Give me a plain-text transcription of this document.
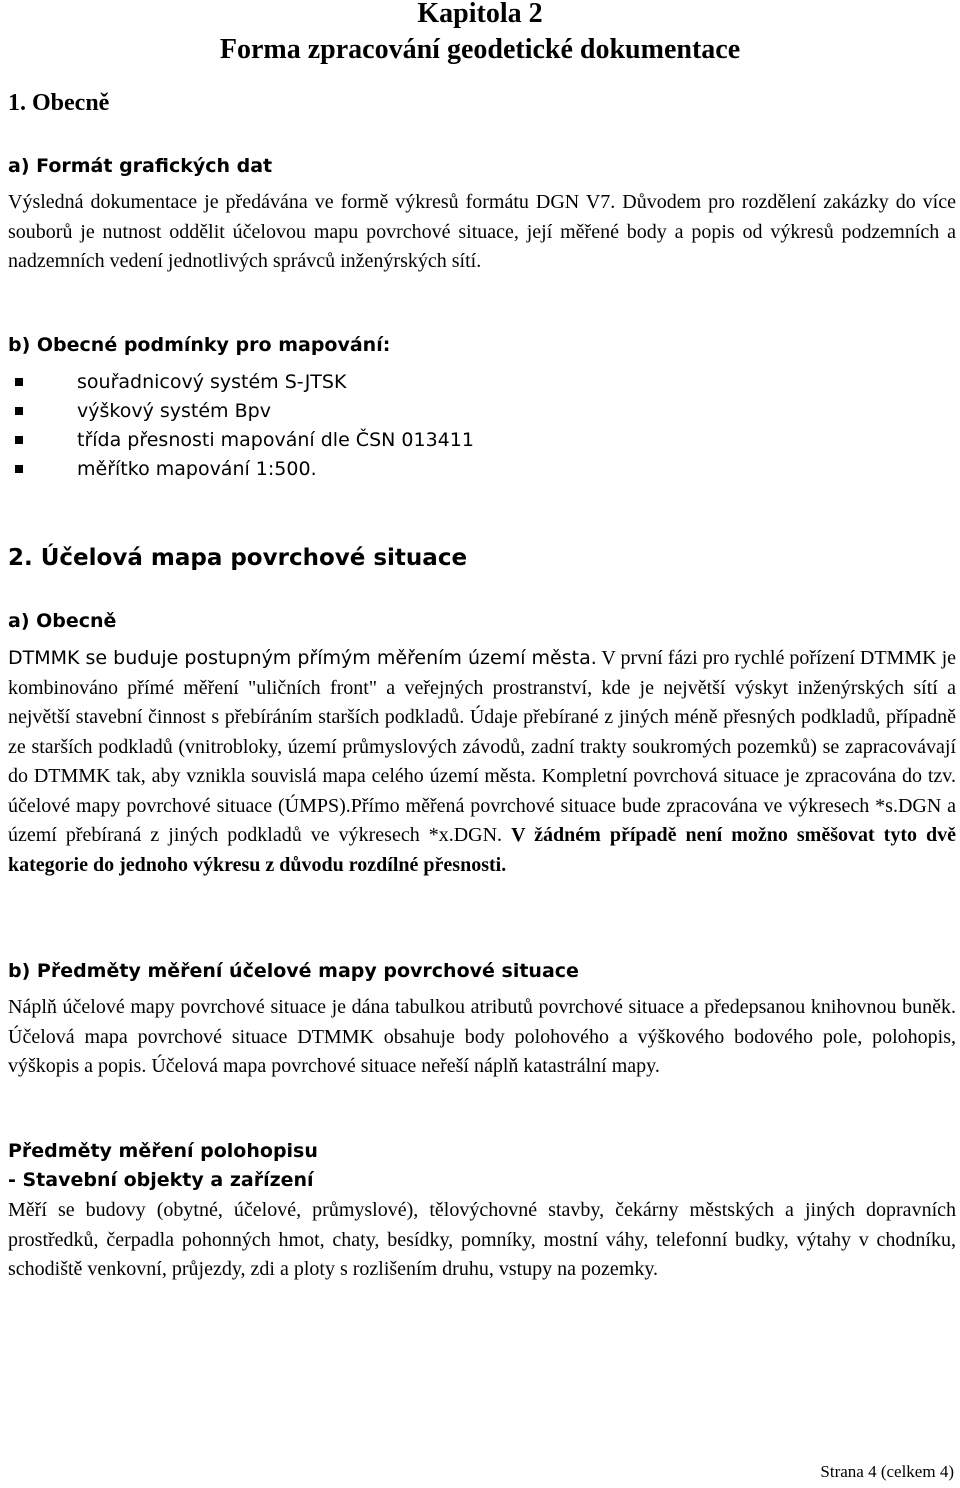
Kapitola 2
Forma zpracování geodetické dokumentace
1. Obecně
a) Formát grafických dat
Výsledná dokumentace je předávána ve formě výkresů formátu DGN V7. Důvodem pro rozdělení zakázky do více souborů je nutnost oddělit účelovou mapu povrchové situace, její měřené body a popis od výkresů podzemních a nadzemních vedení jednotlivých správců inženýrských sítí.
b) Obecné podmínky pro mapování:
souřadnicový systém S-JTSK
výškový systém Bpv
třída přesnosti mapování dle ČSN 013411
měřítko mapování 1:500.
2. Účelová mapa povrchové situace
a) Obecně
DTMMK se buduje postupným přímým měřením území města. V první fázi pro rychlé pořízení DTMMK je kombinováno přímé měření "uličních front" a veřejných prostranství, kde je největší výskyt inženýrských sítí a největší stavební činnost s přebíráním starších podkladů. Údaje přebírané z jiných méně přesných podkladů, případně ze starších podkladů (vnitrobloky, území průmyslových závodů, zadní trakty soukromých pozemků) se zapracovávají do DTMMK tak, aby vznikla souvislá mapa celého území města. Kompletní povrchová situace je zpracována do tzv. účelové mapy povrchové situace (ÚMPS).Přímo měřená povrchové situace bude zpracována ve výkresech *s.DGN a území přebíraná z jiných podkladů ve výkresech *x.DGN. V žádném případě není možno směšovat tyto dvě kategorie do jednoho výkresu z důvodu rozdílné přesnosti.
b) Předměty měření účelové mapy povrchové situace
Náplň účelové mapy povrchové situace je dána tabulkou atributů povrchové situace a předepsanou knihovnou buněk. Účelová mapa povrchové situace DTMMK obsahuje body polohového a výškového bodového pole, polohopis, výškopis a popis. Účelová mapa povrchové situace neřeší náplň katastrální mapy.
Předměty měření polohopisu
- Stavební objekty a zařízení
Měří se budovy (obytné, účelové, průmyslové), tělovýchovné stavby, čekárny městských a jiných dopravních prostředků, čerpadla pohonných hmot, chaty, besídky, pomníky, mostní váhy, telefonní budky, výtahy v chodníku, schodiště venkovní, průjezdy, zdi a ploty s rozlišením druhu, vstupy na pozemky.
Strana 4 (celkem 4)
